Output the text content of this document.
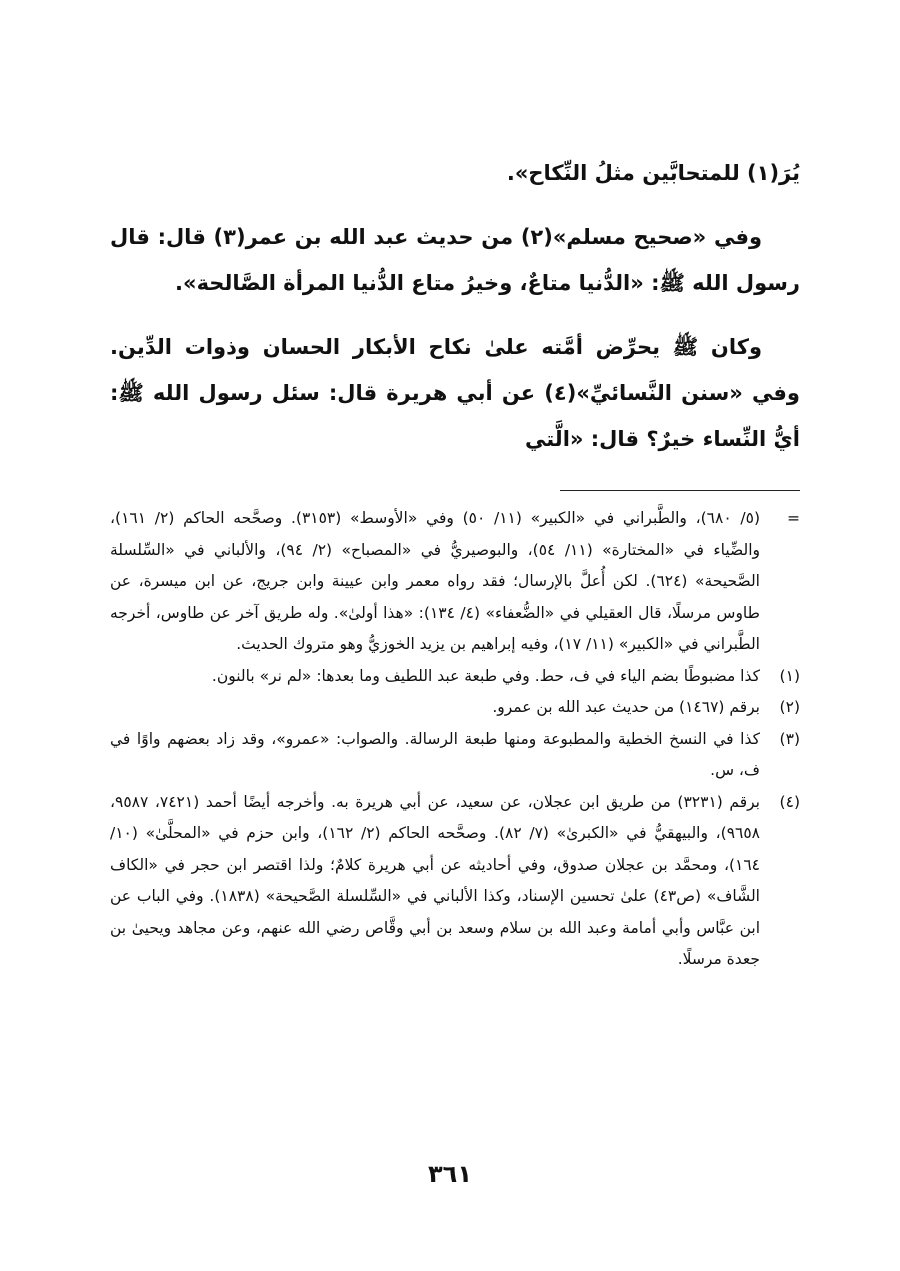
يُرَ(١) للمتحابَّين مثلُ النِّكاح».

وفي «صحيح مسلم»(٢) من حديث عبد الله بن عمر(٣) قال: قال رسول الله ﷺ: «الدُّنيا متاعٌ، وخيرُ متاع الدُّنيا المرأة الصَّالحة».

وكان ﷺ يحرِّض أمَّته علىٰ نكاح الأبكار الحسان وذوات الدِّين. وفي «سنن النَّسائيِّ»(٤) عن أبي هريرة قال: سئل رسول الله ﷺ: أيُّ النِّساء خيرٌ؟ قال: «الَّتي

=
(٥/ ٦٨٠)، والطَّبراني في «الكبير» (١١/ ٥٠) وفي «الأوسط» (٣١٥٣). وصحَّحه الحاكم (٢/ ١٦١)، والضِّياء في «المختارة» (١١/ ٥٤)، والبوصيريُّ في «المصباح» (٢/ ٩٤)، والألباني في «السِّلسلة الصَّحيحة» (٦٢٤). لكن أُعلَّ بالإرسال؛ فقد رواه معمر وابن عيينة وابن جريج، عن ابن ميسرة، عن طاوس مرسلًا، قال العقيلي في «الضُّعفاء» (٤/ ١٣٤): «هذا أولىٰ». وله طريق آخر عن طاوس، أخرجه الطَّبراني في «الكبير» (١١/ ١٧)، وفيه إبراهيم بن يزيد الخوزيُّ وهو متروك الحديث.
(١)
كذا مضبوطًا بضم الياء في ف، حط. وفي طبعة عبد اللطيف وما بعدها: «لم نر» بالنون.
(٢)
برقم (١٤٦٧) من حديث عبد الله بن عمرو.
(٣)
كذا في النسخ الخطية والمطبوعة ومنها طبعة الرسالة. والصواب: «عمرو»، وقد زاد بعضهم واوًا في ف، س.
(٤)
برقم (٣٢٣١) من طريق ابن عجلان، عن سعيد، عن أبي هريرة به. وأخرجه أيضًا أحمد (٧٤٢١، ٩٥٨٧، ٩٦٥٨)، والبيهقيُّ في «الكبرىٰ» (٧/ ٨٢). وصحَّحه الحاكم (٢/ ١٦٢)، وابن حزم في «المحلَّىٰ» (١٠/ ١٦٤)، ومحمَّد بن عجلان صدوق، وفي أحاديثه عن أبي هريرة كلامٌ؛ ولذا اقتصر ابن حجر في «الكاف الشَّاف» (ص٤٣) علىٰ تحسين الإسناد، وكذا الألباني في «السِّلسلة الصَّحيحة» (١٨٣٨). وفي الباب عن ابن عبَّاس وأبي أمامة وعبد الله بن سلام وسعد بن أبي وقَّاص رضي الله عنهم، وعن مجاهد ويحيىٰ بن جعدة مرسلًا.
٣٦١
